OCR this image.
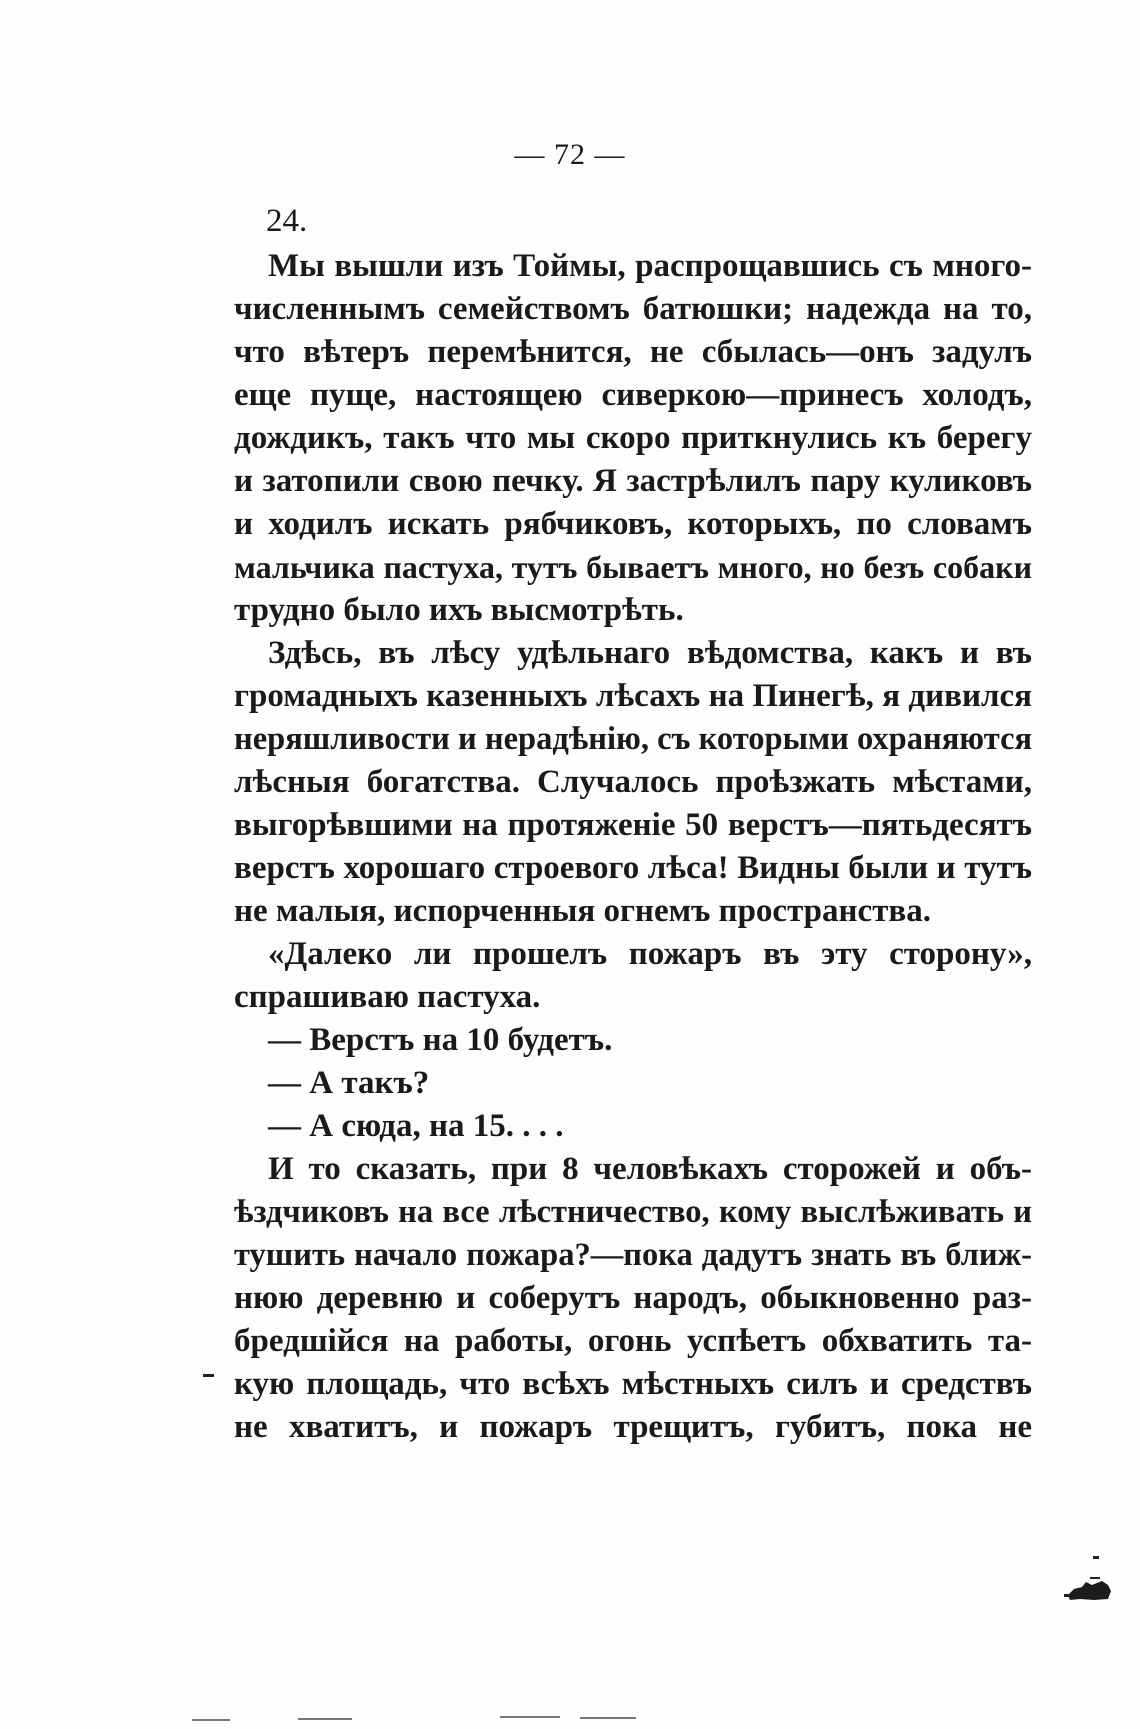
— 72 —
24.
Мы вышли изъ Тоймы, распрощавшись съ много-
численнымъ семействомъ батюшки; надежда на то,
что вѣтеръ перемѣнится, не сбылась—онъ задулъ
еще пуще, настоящею сиверкою—принесъ холодъ,
дождикъ, такъ что мы скоро приткнулись къ берегу
и затопили свою печку. Я застрѣлилъ пару куликовъ
и ходилъ искать рябчиковъ, которыхъ, по словамъ
мальчика пастуха, тутъ бываетъ много, но безъ собаки
трудно было ихъ высмотрѣть.
Здѣсь, въ лѣсу удѣльнаго вѣдомства, какъ и въ
громадныхъ казенныхъ лѣсахъ на Пинегѣ, я дивился
неряшливости и нерадѣнію, съ которыми охраняются
лѣсныя богатства. Случалось проѣзжать мѣстами,
выгорѣвшими на протяженіе 50 верстъ—пятьдесятъ
верстъ хорошаго строевого лѣса! Видны были и тутъ
не малыя, испорченныя огнемъ пространства.
«Далеко ли прошелъ пожаръ въ эту сторону»,
спрашиваю пастуха.
— Верстъ на 10 будетъ.
— А такъ?
— А сюда, на 15. . . .
И то сказать, при 8 человѣкахъ сторожей и объ-
ѣздчиковъ на все лѣстничество, кому выслѣживать и
тушить начало пожара?—пока дадутъ знать въ ближ-
нюю деревню и соберутъ народъ, обыкновенно раз-
бредшійся на работы, огонь успѣетъ обхватить та-
кую площадь, что всѣхъ мѣстныхъ силъ и средствъ
не хватитъ, и пожаръ трещитъ, губитъ, пока не
